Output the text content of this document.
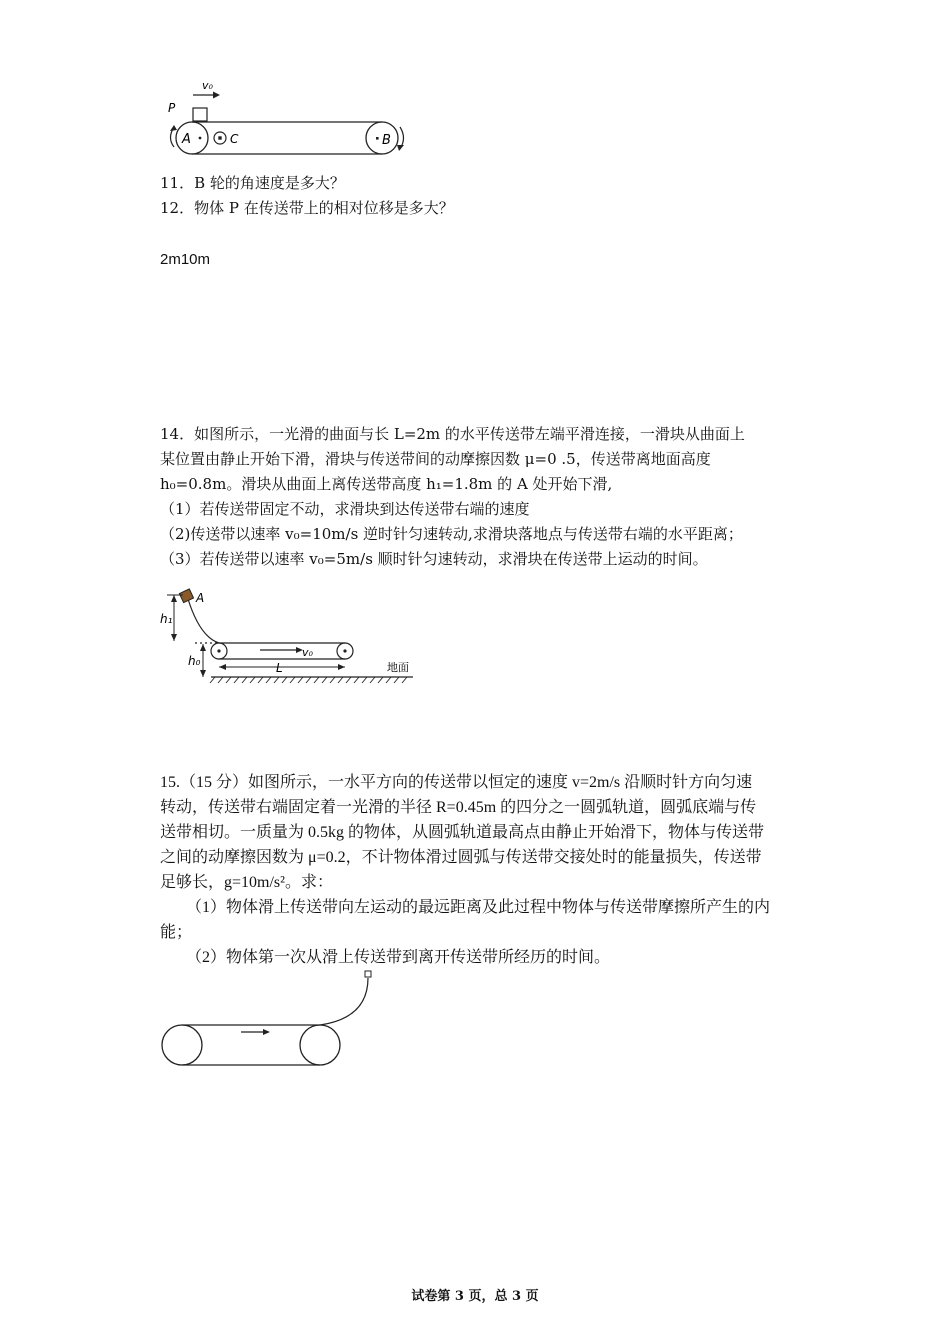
v₀
P
A	C	B
11．B 轮的角速度是多大？
12．物体 P 在传送带上的相对位移是多大？
2m10m
14．如图所示，一光滑的曲面与长 L=2m 的水平传送带左端平滑连接，一滑块从曲面上
某位置由静止开始下滑，滑块与传送带间的动摩擦因数 μ=0 .5，传送带离地面高度
h₀=0.8m。滑块从曲面上离传送带高度 h₁=1.8m 的 A 处开始下滑,
（1）若传送带固定不动，求滑块到达传送带右端的速度
（2)传送带以速率 v₀=10m/s 逆时针匀速转动,求滑块落地点与传送带右端的水平距离；
（3）若传送带以速率 v₀=5m/s 顺时针匀速转动，求滑块在传送带上运动的时间。
A
h₁
h₀
v₀
L	地面
15.（15 分）如图所示，一水平方向的传送带以恒定的速度 v=2m/s 沿顺时针方向匀速
转动，传送带右端固定着一光滑的半径 R=0.45m 的四分之一圆弧轨道，圆弧底端与传
送带相切。一质量为 0.5kg 的物体，从圆弧轨道最高点由静止开始滑下，物体与传送带
之间的动摩擦因数为 μ=0.2，不计物体滑过圆弧与传送带交接处时的能量损失，传送带
足够长，g=10m/s²。求：
（1）物体滑上传送带向左运动的最远距离及此过程中物体与传送带摩擦所产生的内
能；
（2）物体第一次从滑上传送带到离开传送带所经历的时间。
试卷第 3 页，总 3 页
